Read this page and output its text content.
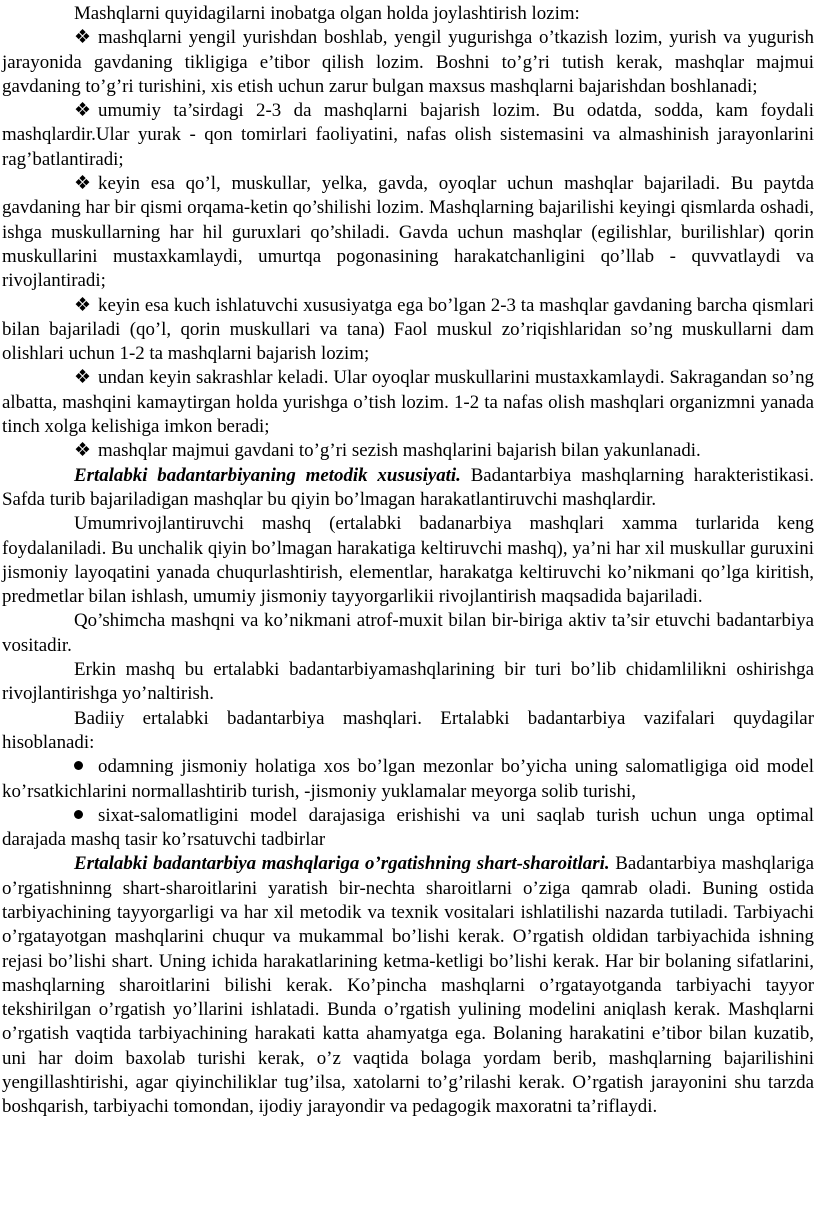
Mashqlarni quyidagilarni inobatga olgan holda joylashtirish lozim:

❖ mashqlarni yengil yurishdan boshlab, yengil yugurishga o’tkazish lozim, yurish va yugurish jarayonida gavdaning tikligiga e’tibor qilish lozim. Boshni to’g’ri tutish kerak, mashqlar majmui gavdaning to’g’ri turishini, xis etish uchun zarur bulgan maxsus mashqlarni bajarishdan boshlanadi;

❖ umumiy ta’sirdagi 2-3 da mashqlarni bajarish lozim. Bu odatda, sodda, kam foydali mashqlardir.Ular yurak - qon tomirlari faoliyatini, nafas olish sistemasini va almashinish jarayonlarini rag’batlantiradi;

❖ keyin esa qo’l, muskullar, yelka, gavda, oyoqlar uchun mashqlar bajariladi. Bu paytda gavdaning har bir qismi orqama-ketin qo’shilishi lozim. Mashqlarning bajarilishi keyingi qismlarda oshadi, ishga muskullarning har hil guruxlari qo’shiladi. Gavda uchun mashqlar (egilishlar, burilishlar) qorin muskullarini mustaxkamlaydi, umurtqa pogonasining harakatchanligini qo’llab - quvvatlaydi va rivojlantiradi;

❖ keyin esa kuch ishlatuvchi xususiyatga ega bo’lgan 2-3 ta mashqlar gavdaning barcha qismlari bilan bajariladi (qo’l, qorin muskullari va tana) Faol muskul zo’riqishlaridan so’ng muskullarni dam olishlari uchun 1-2 ta mashqlarni bajarish lozim;

❖ undan keyin sakrashlar keladi. Ular oyoqlar muskullarini mustaxkamlaydi. Sakragandan so’ng albatta, mashqini kamaytirgan holda yurishga o’tish lozim. 1-2 ta nafas olish mashqlari organizmni yanada tinch xolga kelishiga imkon beradi;

❖ mashqlar majmui gavdani to’g’ri sezish mashqlarini bajarish bilan yakunlanadi.

Ertalabki badantarbiyaning metodik xususiyati. Badantarbiya mashqlarning harakteristikasi. Safda turib bajariladigan mashqlar bu qiyin bo’lmagan harakatlantiruvchi mashqlardir.

Umumrivojlantiruvchi mashq (ertalabki badanarbiya mashqlari xamma turlarida keng foydalaniladi. Bu unchalik qiyin bo’lmagan harakatiga keltiruvchi mashq), ya’ni har xil muskullar guruxini jismoniy layoqatini yanada chuqurlashtirish, elementlar, harakatga keltiruvchi ko’nikmani qo’lga kiritish, predmetlar bilan ishlash, umumiy jismoniy tayyorgarlikii rivojlantirish maqsadida bajariladi.

Qo’shimcha mashqni va ko’nikmani atrof-muxit bilan bir-biriga aktiv ta’sir etuvchi badantarbiya vositadir.

Erkin mashq bu ertalabki badantarbiyamashqlarining bir turi bo’lib chidamlilikni oshirishga rivojlantirishga yo’naltirish.

Badiiy ertalabki badantarbiya mashqlari. Ertalabki badantarbiya vazifalari quydagilar hisoblanadi:

odamning jismoniy holatiga xos bo’lgan mezonlar bo’yicha uning salomatligiga oid model ko’rsatkichlarini normallashtirib turish, -jismoniy yuklamalar meyorga solib turishi,

sixat-salomatligini model darajasiga erishishi va uni saqlab turish uchun unga optimal darajada mashq tasir ko’rsatuvchi tadbirlar

Ertalabki badantarbiya mashqlariga o’rgatishning shart-sharoitlari. Badantarbiya mashqlariga o’rgatishninng shart-sharoitlarini yaratish bir-nechta sharoitlarni o’ziga qamrab oladi. Buning ostida tarbiyachining tayyorgarligi va har xil metodik va texnik vositalari ishlatilishi nazarda tutiladi. Tarbiyachi o’rgatayotgan mashqlarini chuqur va mukammal bo’lishi kerak. O’rgatish oldidan tarbiyachida ishning rejasi bo’lishi shart. Uning ichida harakatlarining ketma-ketligi bo’lishi kerak. Har bir bolaning sifatlarini, mashqlarning sharoitlarini bilishi kerak. Ko’pincha mashqlarni o’rgatayotganda tarbiyachi tayyor tekshirilgan o’rgatish yo’llarini ishlatadi. Bunda o’rgatish yulining modelini aniqlash kerak. Mashqlarni o’rgatish vaqtida tarbiyachining harakati katta ahamyatga ega. Bolaning harakatini e’tibor bilan kuzatib, uni har doim baxolab turishi kerak, o’z vaqtida bolaga yordam berib, mashqlarning bajarilishini yengillashtirishi, agar qiyinchiliklar tug’ilsa, xatolarni to’g’rilashi kerak. O’rgatish jarayonini shu tarzda boshqarish, tarbiyachi tomondan, ijodiy jarayondir va pedagogik maxoratni ta’riflaydi.
